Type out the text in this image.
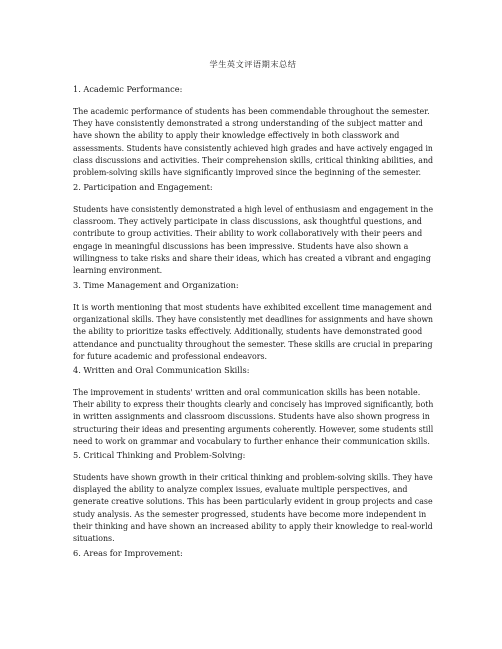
学生英文评语期末总结
1. Academic Performance:
The academic performance of students has been commendable throughout the semester.
They have consistently demonstrated a strong understanding of the subject matter and
have shown the ability to apply their knowledge effectively in both classwork and
assessments. Students have consistently achieved high grades and have actively engaged in

class discussions and activities. Their comprehension skills, critical thinking abilities, and
problem-solving skills have significantly improved since the beginning of the semester.
2. Participation and Engagement:
Students have consistently demonstrated a high level of enthusiasm and engagement in the

classroom. They actively participate in class discussions, ask thoughtful questions, and
contribute to group activities. Their ability to work collaboratively with their peers and
engage in meaningful discussions has been impressive. Students have also shown a
willingness to take risks and share their ideas, which has created a vibrant and engaging
learning environment.
3. Time Management and Organization:
It is worth mentioning that most students have exhibited excellent time management and
organizational skills. They have consistently met deadlines for assignments and have shown

the ability to prioritize tasks effectively. Additionally, students have demonstrated good
attendance and punctuality throughout the semester. These skills are crucial in preparing

for future academic and professional endeavors.
4. Written and Oral Communication Skills:
The improvement in students' written and oral communication skills has been notable.
Their ability to express their thoughts clearly and concisely has improved significantly, both

in written assignments and classroom discussions. Students have also shown progress in
structuring their ideas and presenting arguments coherently. However, some students still

need to work on grammar and vocabulary to further enhance their communication skills.
5. Critical Thinking and Problem-Solving:
Students have shown growth in their critical thinking and problem-solving skills. They have

displayed the ability to analyze complex issues, evaluate multiple perspectives, and
generate creative solutions. This has been particularly evident in group projects and case
study analysis. As the semester progressed, students have become more independent in
their thinking and have shown an increased ability to apply their knowledge to real-world
situations.
6. Areas for Improvement:
